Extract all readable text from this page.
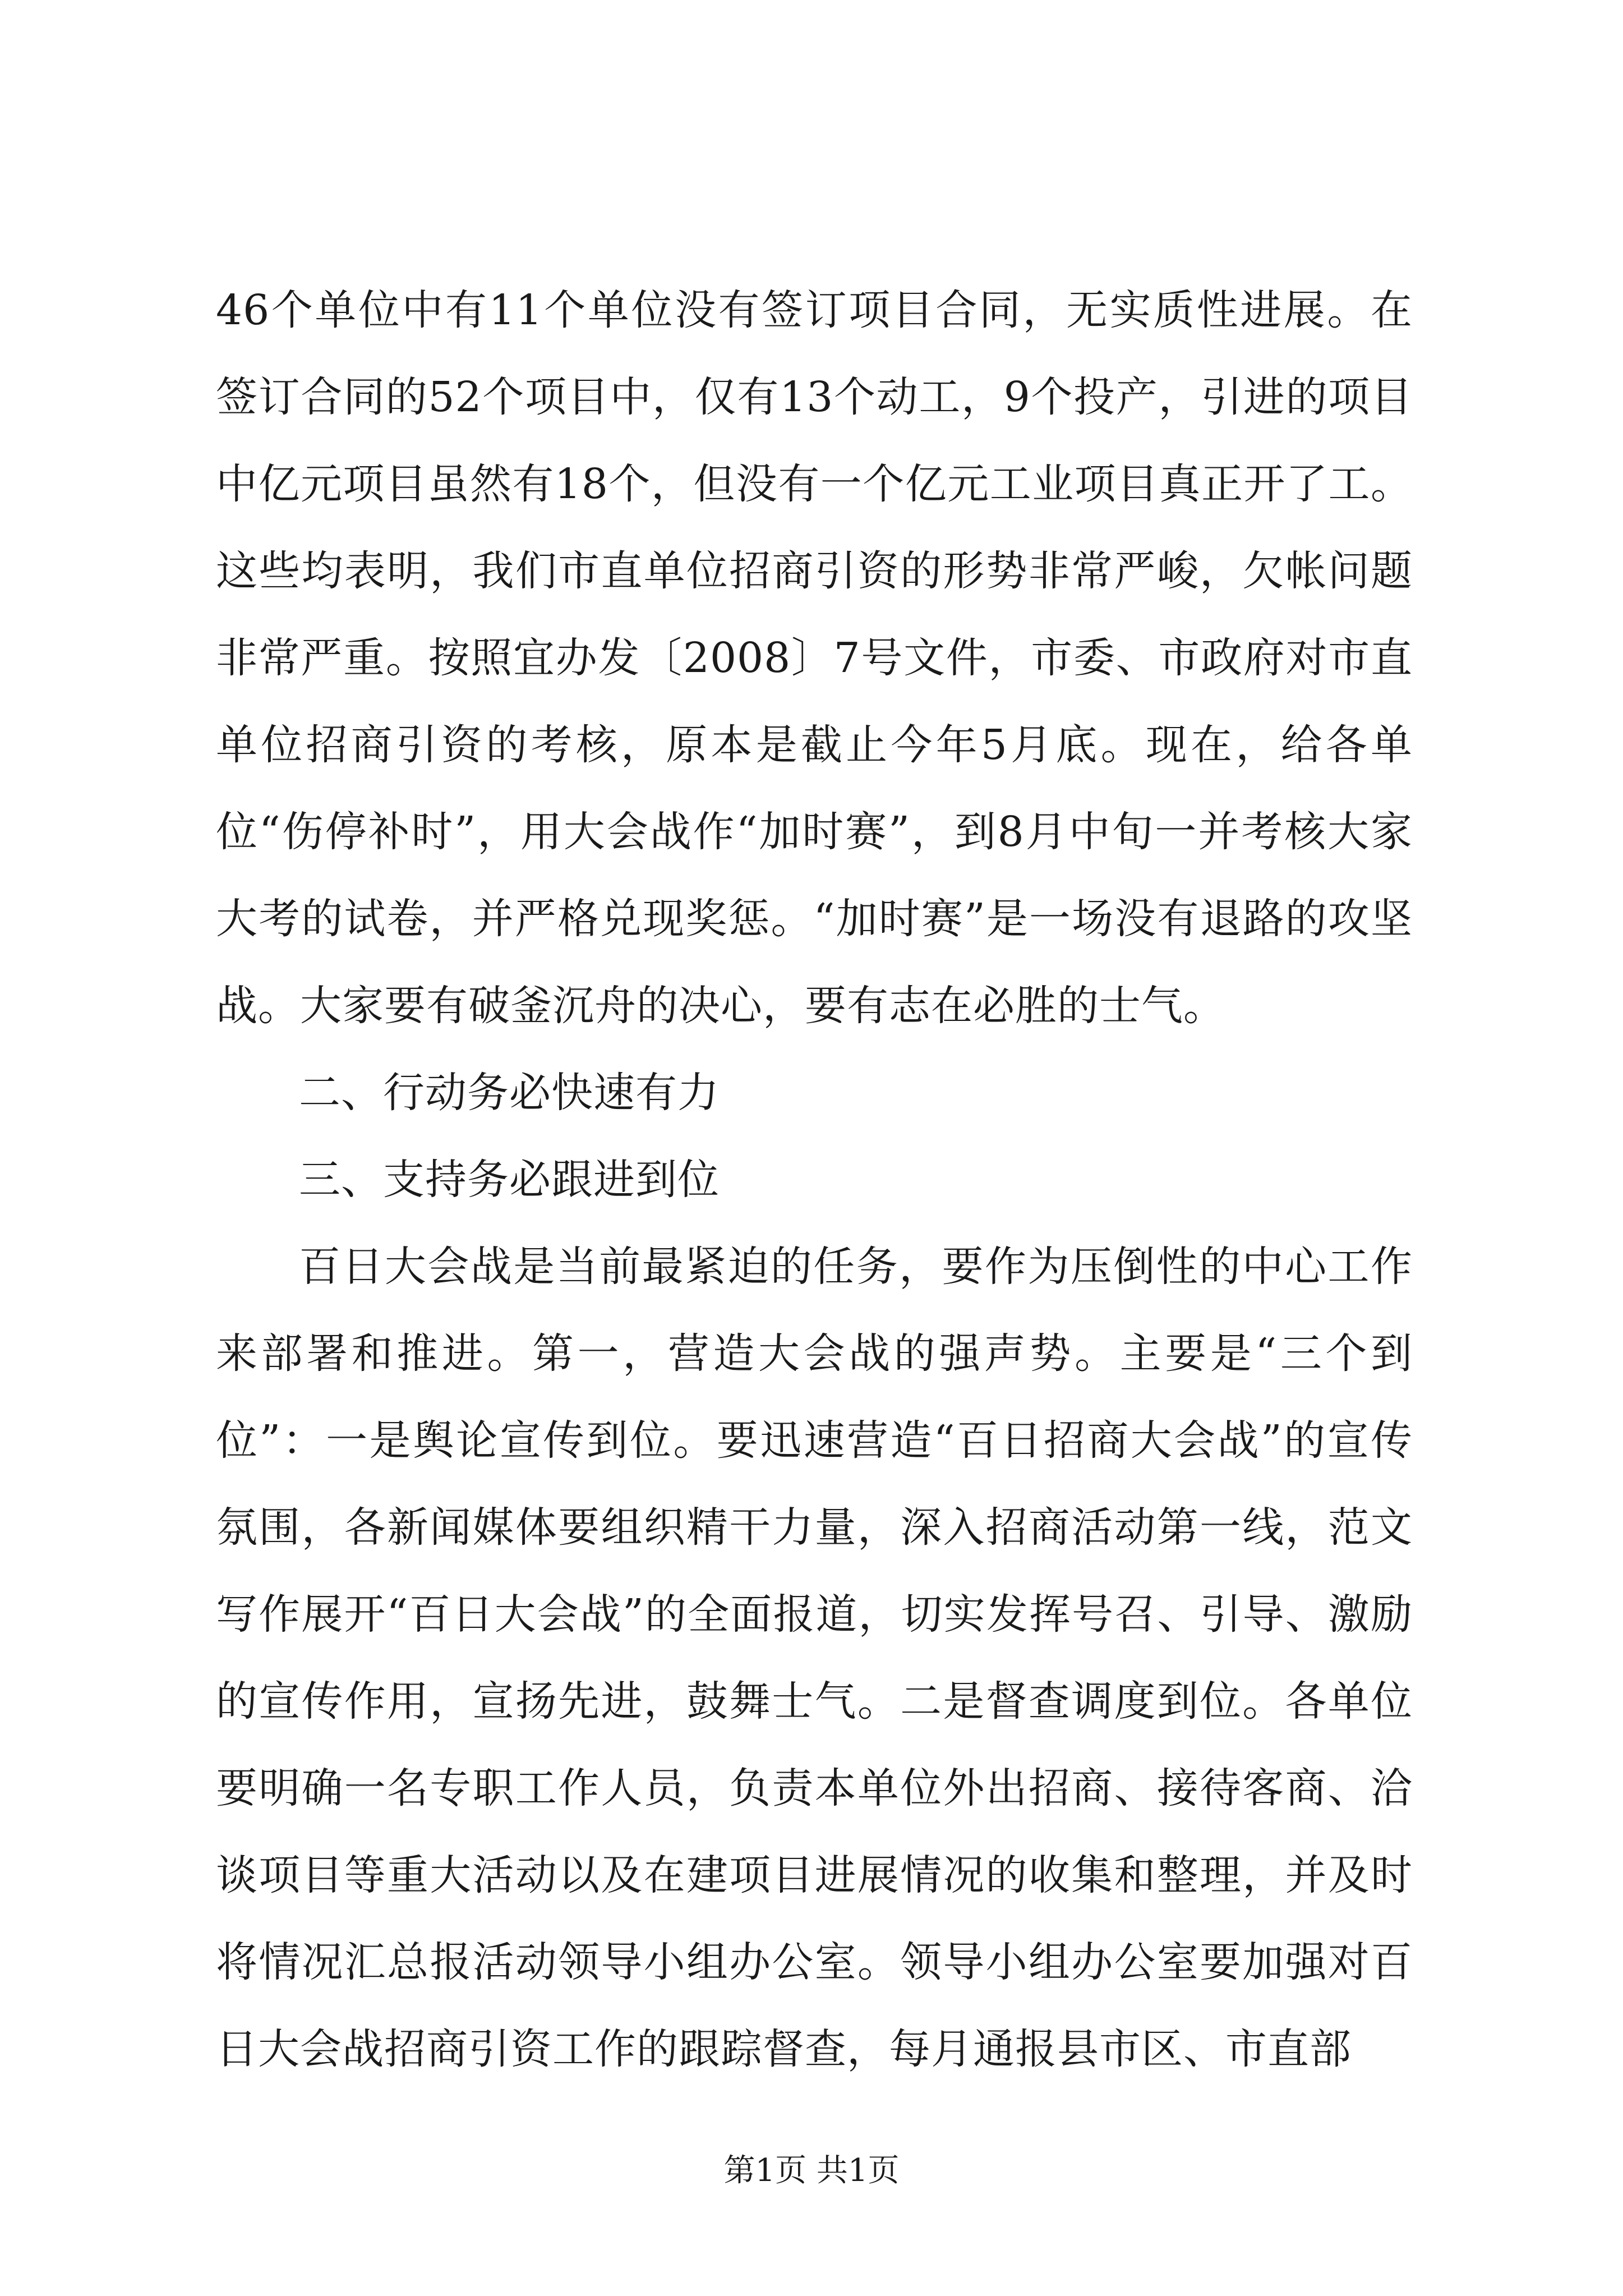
46个单位中有11个单位没有签订项目合同，无实质性进展。在签订合同的52个项目中，仅有13个动工，9个投产，引进的项目中亿元项目虽然有18个，但没有一个亿元工业项目真正开了工。这些均表明，我们市直单位招商引资的形势非常严峻，欠帐问题非常严重。按照宜办发〔2008〕7号文件，市委、市政府对市直单位招商引资的考核，原本是截止今年5月底。现在，给各单位“伤停补时”，用大会战作“加时赛”，到8月中旬一并考核大家大考的试卷，并严格兑现奖惩。“加时赛”是一场没有退路的攻坚战。大家要有破釜沉舟的决心，要有志在必胜的士气。

二、行动务必快速有力

三、支持务必跟进到位

百日大会战是当前最紧迫的任务，要作为压倒性的中心工作来部署和推进。第一，营造大会战的强声势。主要是“三个到位”：一是舆论宣传到位。要迅速营造“百日招商大会战”的宣传氛围，各新闻媒体要组织精干力量，深入招商活动第一线，范文写作展开“百日大会战”的全面报道，切实发挥号召、引导、激励的宣传作用，宣扬先进，鼓舞士气。二是督查调度到位。各单位要明确一名专职工作人员，负责本单位外出招商、接待客商、洽谈项目等重大活动以及在建项目进展情况的收集和整理，并及时将情况汇总报活动领导小组办公室。领导小组办公室要加强对百日大会战招商引资工作的跟踪督查，每月通报县市区、市直部

第1页 共1页
